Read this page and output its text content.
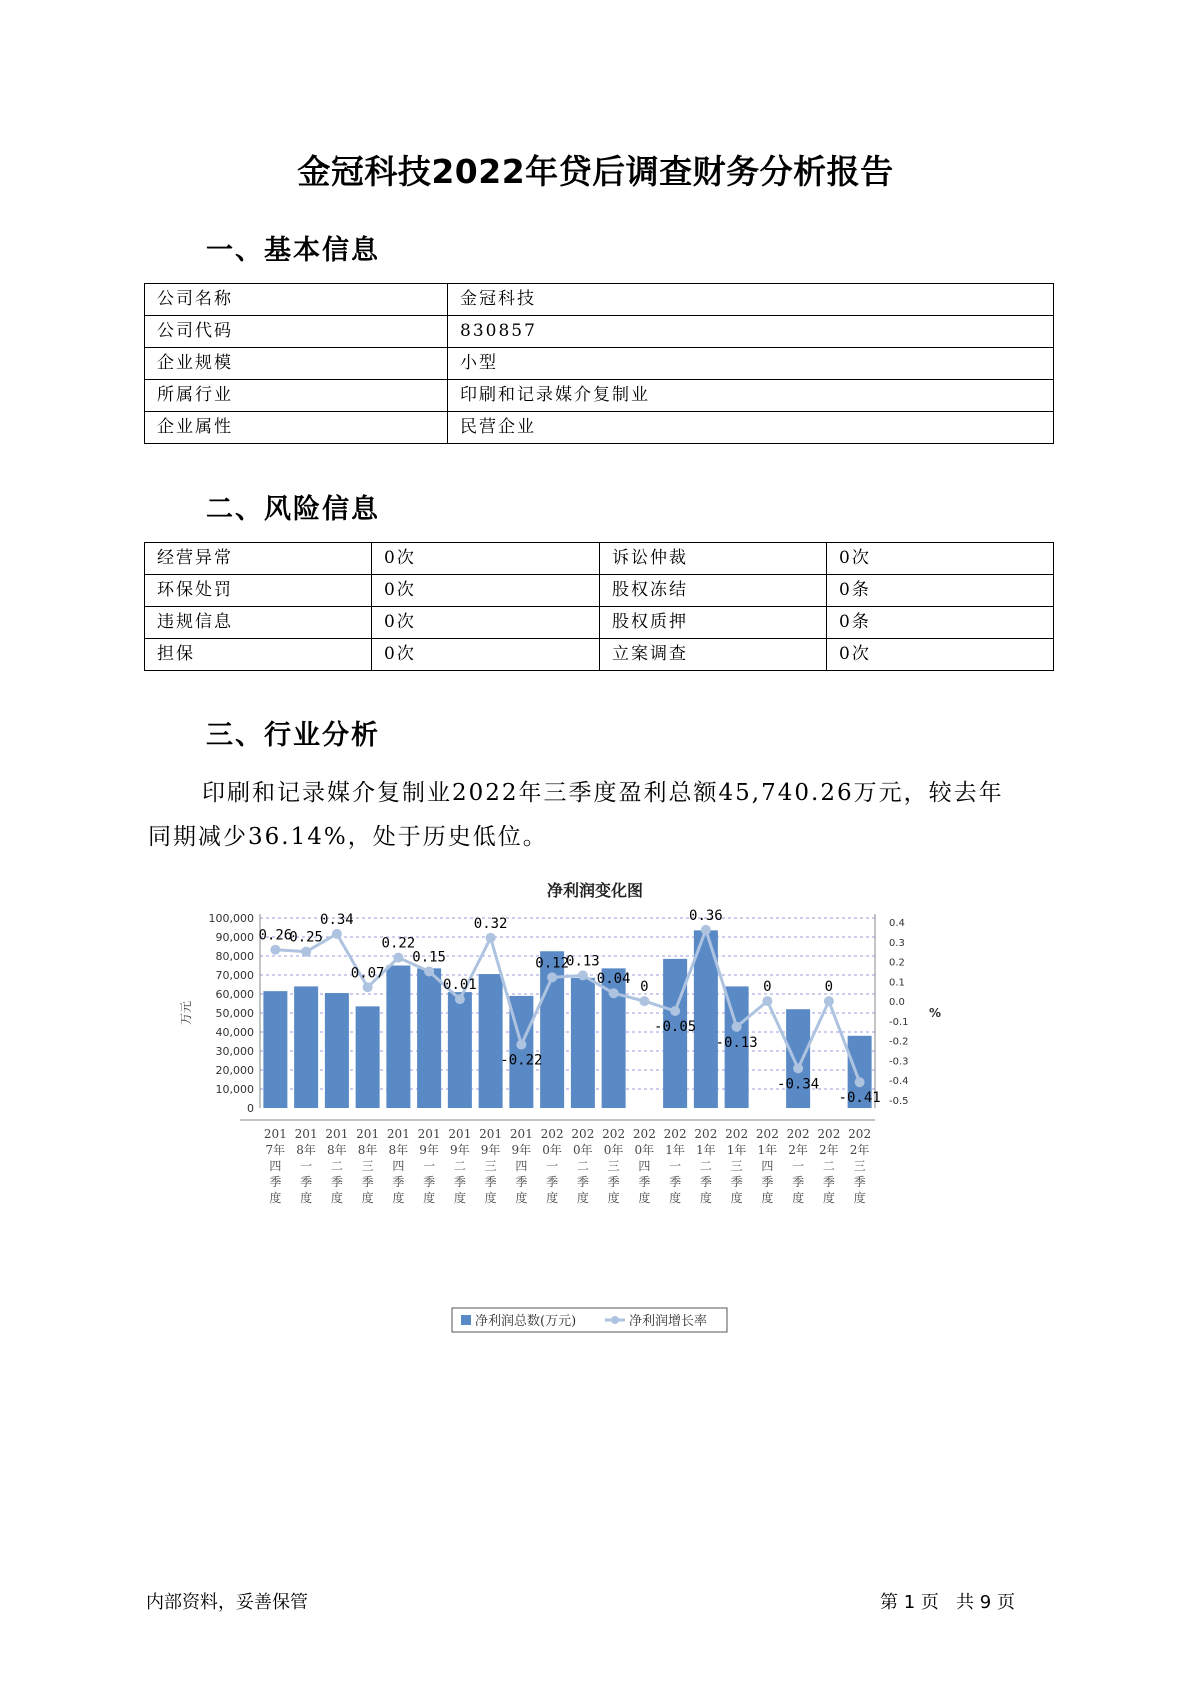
金冠科技2022年贷后调查财务分析报告
一、基本信息
公司名称	金冠科技
公司代码	830857
企业规模	小型
所属行业	印刷和记录媒介复制业
企业属性	民营企业
二、风险信息
经营异常	0次	诉讼仲裁	0次
环保处罚	0次	股权冻结	0条
违规信息	0次	股权质押	0条
担保	0次	立案调查	0次
三、行业分析
印刷和记录媒介复制业2022年三季度盈利总额45,740.26万元，较去年
同期减少36.14%，处于历史低位。
净利润变化图
0
10,000
20,000
30,000
40,000
50,000
60,000
70,000
80,000
90,000
100,000
-0.5
-0.4
-0.3
-0.2
-0.1
0.0
0.1
0.2
0.3
0.4
万元	%
0.26
0.25
0.34
0.07
0.22
0.15
0.01
0.32
-0.22
0.12
0.13
0.04 0
-0.05
0.36
-0.13
0
-0.34
0
-0.41
201 7年四季度
201 8年一季度
201 8年二季度
201 8年三季度
201 8年四季度
201 9年一季度
201 9年二季度
201 9年三季度
201 9年四季度
202 0年一季度
202 0年二季度
202 0年三季度
202 0年四季度
202 1年一季度
202 1年二季度
202 1年三季度
202 1年四季度
202 2年一季度
202 2年二季度
202 2年三季度
净利润总数(万元)	净利润增长率
内部资料，妥善保管	第 1 页   共 9 页
